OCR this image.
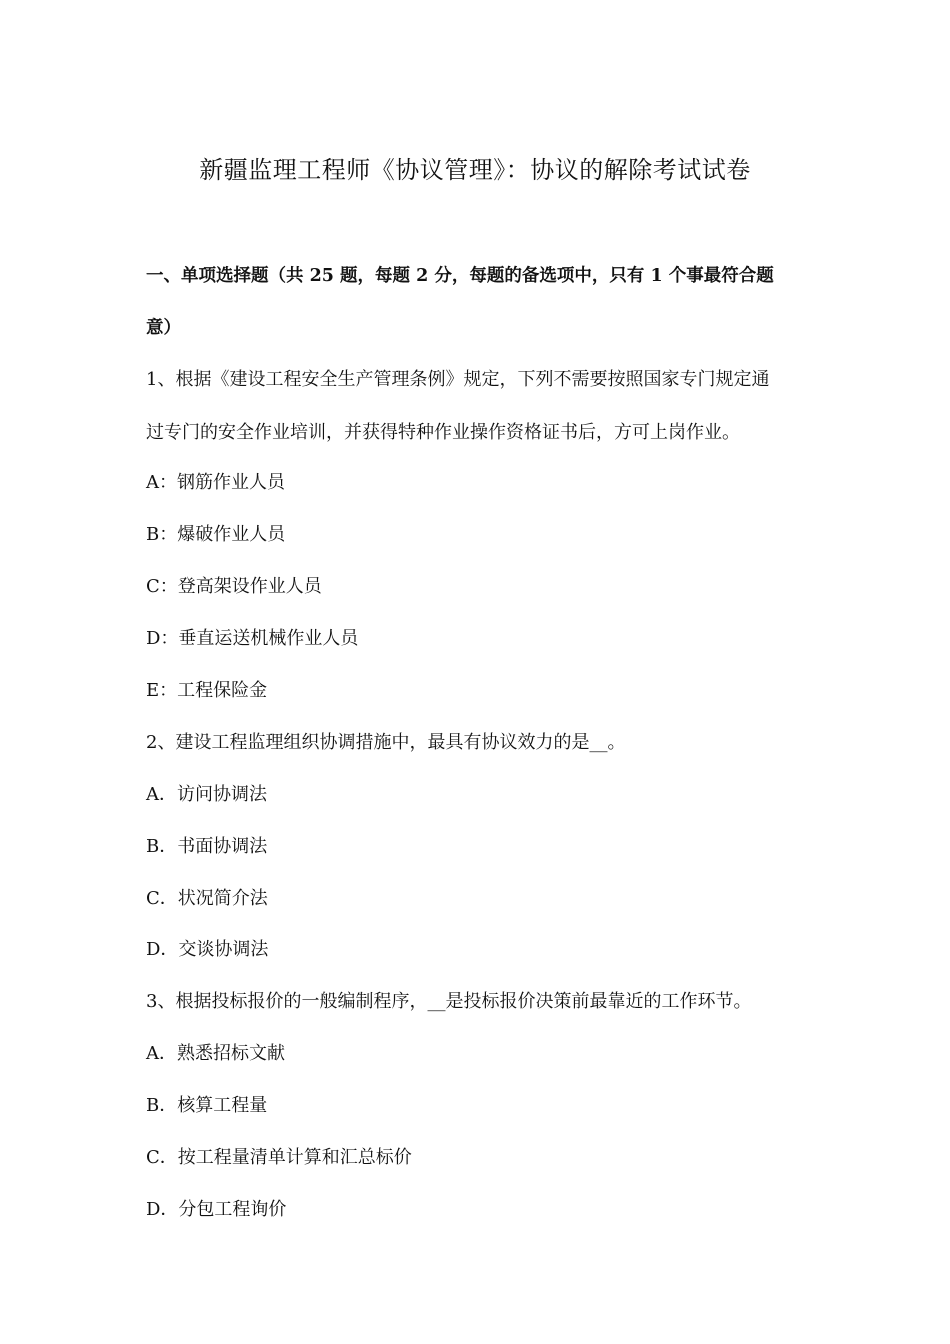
新疆监理工程师《协议管理》：协议的解除考试试卷
一、单项选择题（共 25 题，每题 2 分，每题的备选项中，只有 1 个事最符合题
意）
1、根据《建设工程安全生产管理条例》规定，下列不需要按照国家专门规定通
过专门的安全作业培训，并获得特种作业操作资格证书后，方可上岗作业。
A：钢筋作业人员
B：爆破作业人员
C：登高架设作业人员
D：垂直运送机械作业人员
E：工程保险金
2、建设工程监理组织协调措施中，最具有协议效力的是__。
A．访问协调法
B．书面协调法
C．状况简介法
D．交谈协调法
3、根据投标报价的一般编制程序，__是投标报价决策前最靠近的工作环节。
A．熟悉招标文献
B．核算工程量
C．按工程量清单计算和汇总标价
D．分包工程询价
